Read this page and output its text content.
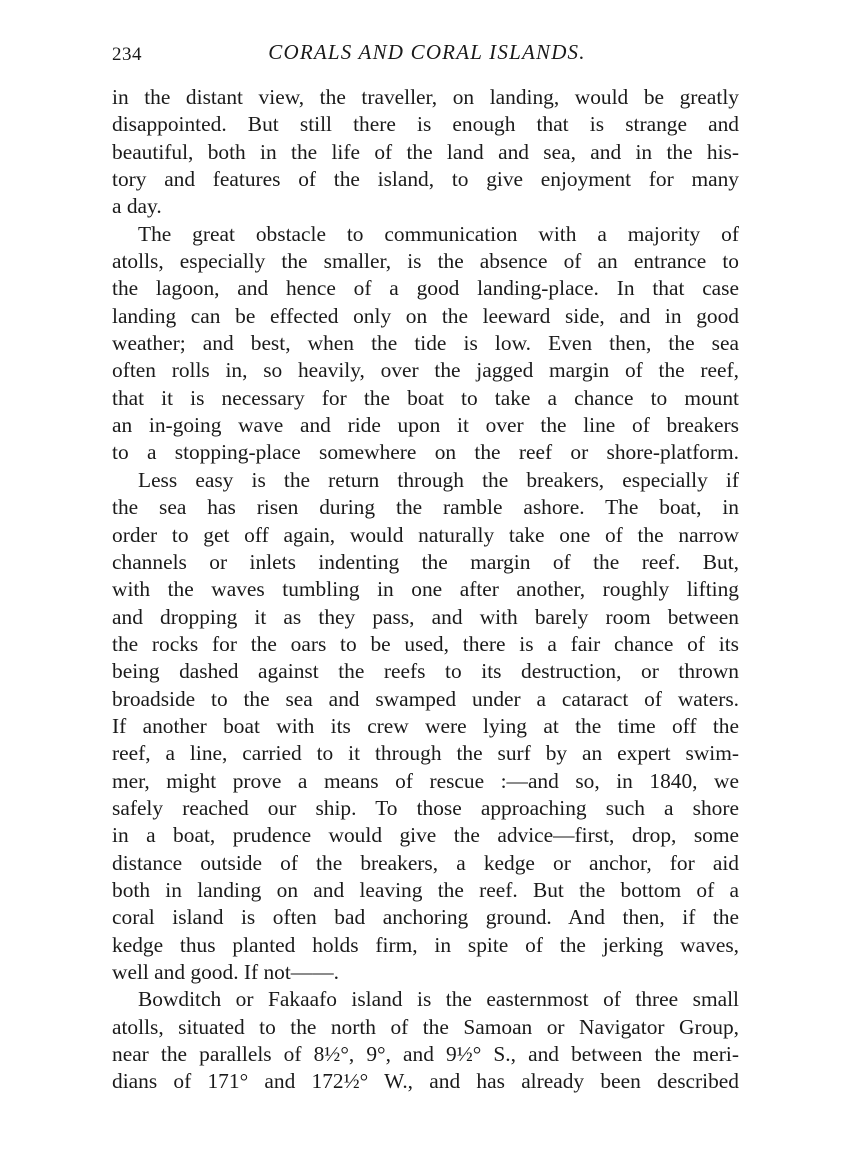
234	CORALS AND CORAL ISLANDS.
in the distant view, the traveller, on landing, would be greatly
disappointed. But still there is enough that is strange and
beautiful, both in the life of the land and sea, and in the his-
tory and features of the island, to give enjoyment for many
a day.
The great obstacle to communication with a majority of
atolls, especially the smaller, is the absence of an entrance to
the lagoon, and hence of a good landing-place. In that case
landing can be effected only on the leeward side, and in good
weather; and best, when the tide is low. Even then, the sea
often rolls in, so heavily, over the jagged margin of the reef,
that it is necessary for the boat to take a chance to mount
an in-going wave and ride upon it over the line of breakers
to a stopping-place somewhere on the reef or shore-platform.
Less easy is the return through the breakers, especially if
the sea has risen during the ramble ashore. The boat, in
order to get off again, would naturally take one of the narrow
channels or inlets indenting the margin of the reef. But,
with the waves tumbling in one after another, roughly lifting
and dropping it as they pass, and with barely room between
the rocks for the oars to be used, there is a fair chance of its
being dashed against the reefs to its destruction, or thrown
broadside to the sea and swamped under a cataract of waters.
If another boat with its crew were lying at the time off the
reef, a line, carried to it through the surf by an expert swim-
mer, might prove a means of rescue :—and so, in 1840, we
safely reached our ship. To those approaching such a shore
in a boat, prudence would give the advice—first, drop, some
distance outside of the breakers, a kedge or anchor, for aid
both in landing on and leaving the reef. But the bottom of a
coral island is often bad anchoring ground. And then, if the
kedge thus planted holds firm, in spite of the jerking waves,
well and good. If not——.
Bowditch or Fakaafo island is the easternmost of three small
atolls, situated to the north of the Samoan or Navigator Group,
near the parallels of 8½°, 9°, and 9½° S., and between the meri-
dians of 171° and 172½° W., and has already been described
